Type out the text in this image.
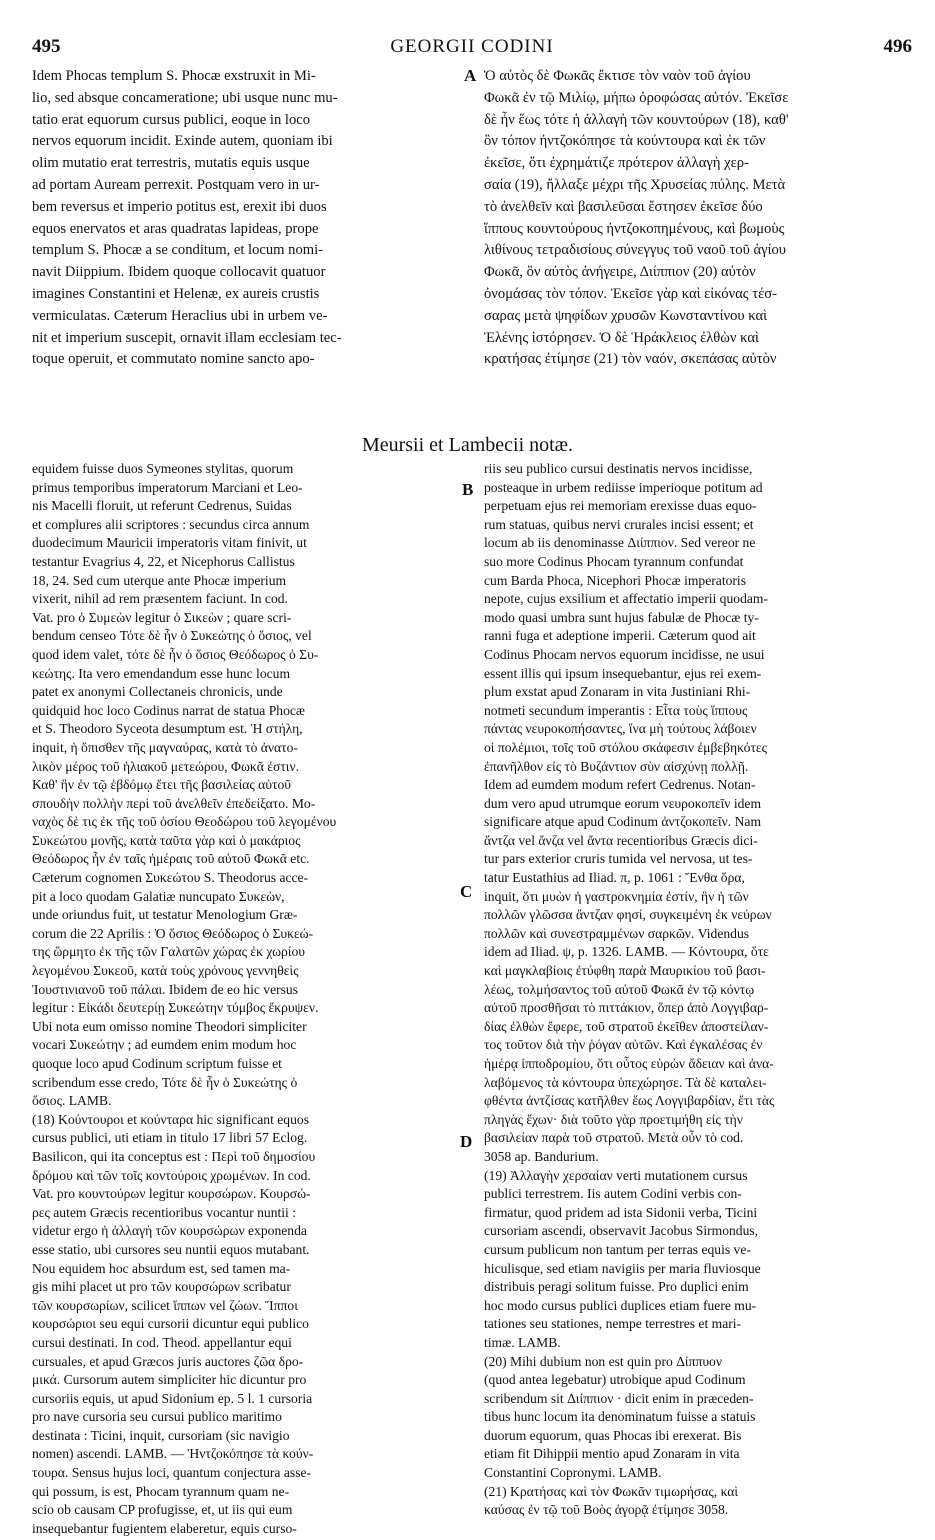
495	GEORGII CODINI	496
Idem Phocas templum S. Phocæ exstruxit in Mi-
lio, sed absque concameratione; ubi usque nunc mu-
tatio erat equorum cursus publici, eoque in loco
nervos equorum incidit. Exinde autem, quoniam ibi
olim mutatio erat terrestris, mutatis equis usque
ad portam Auream perrexit. Postquam vero in ur-
bem reversus et imperio potitus est, erexit ibi duos
equos enervatos et aras quadratas lapideas, prope
templum S. Phocæ a se conditum, et locum nomi-
navit Diippium. Ibidem quoque collocavit quatuor
imagines Constantini et Helenæ, ex aureis crustis
vermiculatas. Cæterum Heraclius ubi in urbem ve-
nit et imperium suscepit, ornavit illam ecclesiam tec-
toque operuit, et commutato nomine sancto apo-
Ὁ αὐτὸς δὲ Φωκᾶς ἔκτισε τὸν ναὸν τοῦ ἁγίου
Φωκᾶ ἐν τῷ Μιλίῳ, μήπω ὀροφώσας αὐτόν. Ἐκεῖσε
δὲ ἦν ἕως τότε ἡ ἀλλαγὴ τῶν κουντούρων (18), καθ'
ὃν τόπον ἠντζοκόπησε τὰ κούντουρα καὶ ἐκ τῶν
ἐκεῖσε, ὅτι ἐχρημάτιζε πρότερον ἀλλαγὴ χερ-
σαία (19), ἤλλαξε μέχρι τῆς Χρυσείας πύλης. Μετὰ
τὸ ἀνελθεῖν καὶ βασιλεῦσαι ἔστησεν ἐκεῖσε δύο
ἵππους κουντούρους ἠντζοκοπημένους, καὶ βωμοὺς
λιθίνους τετραδισίους σύνεγγυς τοῦ ναοῦ τοῦ ἁγίου
Φωκᾶ, ὃν αὐτὸς ἀνήγειρε, Διίππιον (20) αὐτὸν
ὀνομάσας τὸν τόπον. Ἐκεῖσε γὰρ καὶ εἰκόνας τέσ-
σαρας μετὰ ψηφίδων χρυσῶν Κωνσταντίνου καὶ
Ἑλένης ἱστόρησεν. Ὁ δὲ Ἡράκλειος ἐλθὼν καὶ
κρατήσας ἐτίμησε (21) τὸν ναόν, σκεπάσας αὐτὸν
A
Meursii et Lambecii notæ.
equidem fuisse duos Symeones stylitas, quorum
primus temporibus imperatorum Marciani et Leo-
nis Macelli floruit, ut referunt Cedrenus, Suidas
et complures alii scriptores : secundus circa annum
duodecimum Mauricii imperatoris vitam finivit, ut
testantur Evagrius 4, 22, et Nicephorus Callistus
18, 24. Sed cum uterque ante Phocæ imperium
vixerit, nihil ad rem præsentem faciunt. In cod.
Vat. pro ὁ Συμεὼν legitur ὁ Σικεὼν ; quare scri-
bendum censeo Τότε δὲ ἦν ὁ Συκεώτης ὁ ὅσιος, vel
quod idem valet, τότε δὲ ἦν ὁ ὅσιος Θεόδωρος ὁ Συ-
κεώτης. Ita vero emendandum esse hunc locum
patet ex anonymi Collectaneis chronicis, unde
quidquid hoc loco Codinus narrat de statua Phocæ
et S. Theodoro Syceota desumptum est. Ἡ στήλη,
inquit, ἡ ὄπισθεν τῆς μαγναύρας, κατὰ τὸ ἀνατο-
λικὸν μέρος τοῦ ἡλιακοῦ μετεώρου, Φωκᾶ ἐστιν.
Καθ' ἣν ἐν τῷ ἑβδόμῳ ἔτει τῆς βασιλείας αὐτοῦ
σπουδὴν πολλὴν περὶ τοῦ ἀνελθεῖν ἐπεδείξατο. Μο-
ναχὸς δὲ τις ἐκ τῆς τοῦ ὁσίου Θεοδώρου τοῦ λεγομένου
Συκεώτου μονῆς, κατὰ ταῦτα γὰρ καὶ ὁ μακάριος
Θεόδωρος ἦν ἐν ταῖς ἡμέραις τοῦ αὐτοῦ Φωκᾶ etc.
Cæterum cognomen Συκεώτου S. Theodorus acce-
pit a loco quodam Galatiæ nuncupato Συκεὼν,
unde oriundus fuit, ut testatur Menologium Græ-
corum die 22 Aprilis : Ὁ ὅσιος Θεόδωρος ὁ Συκεώ-
της ὥρμητο ἐκ τῆς τῶν Γαλατῶν χώρας ἐκ χωρίου
λεγομένου Συκεοῦ, κατὰ τοὺς χρόνους γεννηθεὶς
Ἰουστινιανοῦ τοῦ πάλαι. Ibidem de eo hic versus
legitur : Εἰκάδι δευτερίῃ Συκεώτην τύμβος ἔκρυψεν.
Ubi nota eum omisso nomine Theodori simpliciter
vocari Συκεώτην ; ad eumdem enim modum hoc
quoque loco apud Codinum scriptum fuisse et
scribendum esse credo, Τότε δὲ ἦν ὁ Συκεώτης ὁ
ὅσιος. LAMB.
(18) Κούντουροι et κούνταρα hic significant equos
cursus publici, uti etiam in titulo 17 libri 57 Eclog.
Basilicon, qui ita conceptus est : Περὶ τοῦ δημοσίου
δρόμου καὶ τῶν τοῖς κοντούροις χρωμένων. In cod.
Vat. pro κουντούρων legitur κουρσώρων. Κουρσώ-
ρες autem Græcis recentioribus vocantur nuntii :
videtur ergo ἡ ἀλλαγὴ τῶν κουρσώρων exponenda
esse statio, ubi cursores seu nuntii equos mutabant.
Nou equidem hoc absurdum est, sed tamen ma-
gis mihi placet ut pro τῶν κουρσώρων scribatur
τῶν κουρσωρίων, scilicet ἵππων vel ζώων. Ἵπποι
κουρσώριοι seu equi cursorii dicuntur equi publico
cursui destinati. In cod. Theod. appellantur equi
cursuales, et apud Græcos juris auctores ζῶα δρο-
μικά. Cursorum autem simpliciter hic dicuntur pro
cursoriis equis, ut apud Sidonium ep. 5 l. 1 cursoria
pro nave cursoria seu cursui publico maritimo
destinata : Ticini, inquit, cursoriam (sic navigio
nomen) ascendi. LAMB. — Ἠντζοκόπησε τὰ κούν-
τουρα. Sensus hujus loci, quantum conjectura asse-
qui possum, is est, Phocam tyrannum quam ne-
scio ob causam CP profugisse, et, ut iis qui eum
insequebantur fugientem elaberetur, equis curso-
riis seu publico cursui destinatis nervos incidisse,
posteaque in urbem rediisse imperioque potitum ad
perpetuam ejus rei memoriam erexisse duas equo-
rum statuas, quibus nervi crurales incisi essent; et
locum ab iis denominasse Διίππιον. Sed vereor ne
suo more Codinus Phocam tyrannum confundat
cum Barda Phoca, Nicephori Phocæ imperatoris
nepote, cujus exsilium et affectatio imperii quodam-
modo quasi umbra sunt hujus fabulæ de Phocæ ty-
ranni fuga et adeptione imperii. Cæterum quod ait
Codinus Phocam nervos equorum incidisse, ne usui
essent illis qui ipsum insequebantur, ejus rei exem-
plum exstat apud Zonaram in vita Justiniani Rhi-
notmeti secundum imperantis : Εἶτα τοὺς ἵππους
πάντας νευροκοπήσαντες, ἵνα μὴ τούτους λάβοιεν
οἱ πολέμιοι, τοῖς τοῦ στόλου σκάφεσιν ἐμβεβηκότες
ἐπανῆλθον εἰς τὸ Βυζάντιον σὺν αἰσχύνῃ πολλῇ.
Idem ad eumdem modum refert Cedrenus. Notan-
dum vero apud utrumque eorum νευροκοπεῖν idem
significare atque apud Codinum ἀντζοκοπεῖν. Nam
ἄντζα vel ἄνζα vel ἄντα recentioribus Græcis dici-
tur pars exterior cruris tumida vel nervosa, ut tes-
tatur Eustathius ad Iliad. π, p. 1061 : Ἔνθα ὅρα,
inquit, ὅτι μυὼν ἡ γαστροκνημία ἐστίν, ἣν ἡ τῶν
πολλῶν γλῶσσα ἄντζαν φησί, συγκειμένη ἐκ νεύρων
πολλῶν καὶ συνεστραμμένων σαρκῶν. Videndus
idem ad Iliad. ψ, p. 1326. LAMB. — Κόντουρα, ὅτε
καὶ μαγκλαβίοις ἐτύφθη παρὰ Μαυρικίου τοῦ βασι-
λέως, τολμήσαντος τοῦ αὐτοῦ Φωκᾶ ἐν τῷ κόντῳ
αὐτοῦ προσθῆσαι τὸ πιττάκιον, ὅπερ ἀπὸ Λογγιβαρ-
δίας ἐλθὼν ἔφερε, τοῦ στρατοῦ ἐκεῖθεν ἀποστείλαν-
τος τοῦτον διὰ τὴν ῥόγαν αὐτῶν. Καὶ ἐγκαλέσας ἐν
ἡμέρᾳ ἱπποδρομίου, ὅτι οὗτος εὑρὼν ἄδειαν καὶ ἀνα-
λαβόμενος τὰ κόντουρα ὑπεχώρησε. Τὰ δὲ καταλει-
φθέντα ἀντζίσας κατῆλθεν ἕως Λογγιβαρδίαν, ἔτι τὰς
πληγὰς ἔχων· διὰ τοῦτο γὰρ προετιμήθη εἰς τὴν
βασιλείαν παρὰ τοῦ στρατοῦ. Μετὰ οὖν τὸ cod.
3058 ap. Bandurium.
(19) Ἀλλαγὴν χερσαίαν verti mutationem cursus
publici terrestrem. Iis autem Codini verbis con-
firmatur, quod pridem ad ista Sidonii verba, Ticini
cursoriam ascendi, observavit Jacobus Sirmondus,
cursum publicum non tantum per terras equis ve-
hiculisque, sed etiam navigiis per maria fluviosque
distribuis peragi solitum fuisse. Pro duplici enim
hoc modo cursus publici duplices etiam fuere mu-
tationes seu stationes, nempe terrestres et mari-
timæ. LAMB.
(20) Mihi dubium non est quin pro Δίππυον
(quod antea legebatur) utrobique apud Codinum
scribendum sit Διίππιον · dicit enim in præceden-
tibus hunc locum ita denominatum fuisse a statuis
duorum equorum, quas Phocas ibi erexerat. Bis
etiam fit Dihippii mentio apud Zonaram in vita
Constantini Copronymi. LAMB.
(21) Κρατήσας καὶ τὸν Φωκᾶν τιμωρήσας, καὶ
καύσας ἐν τῷ τοῦ Βοὸς ἀγορᾷ ἐτίμησε 3058.
B
C
D
